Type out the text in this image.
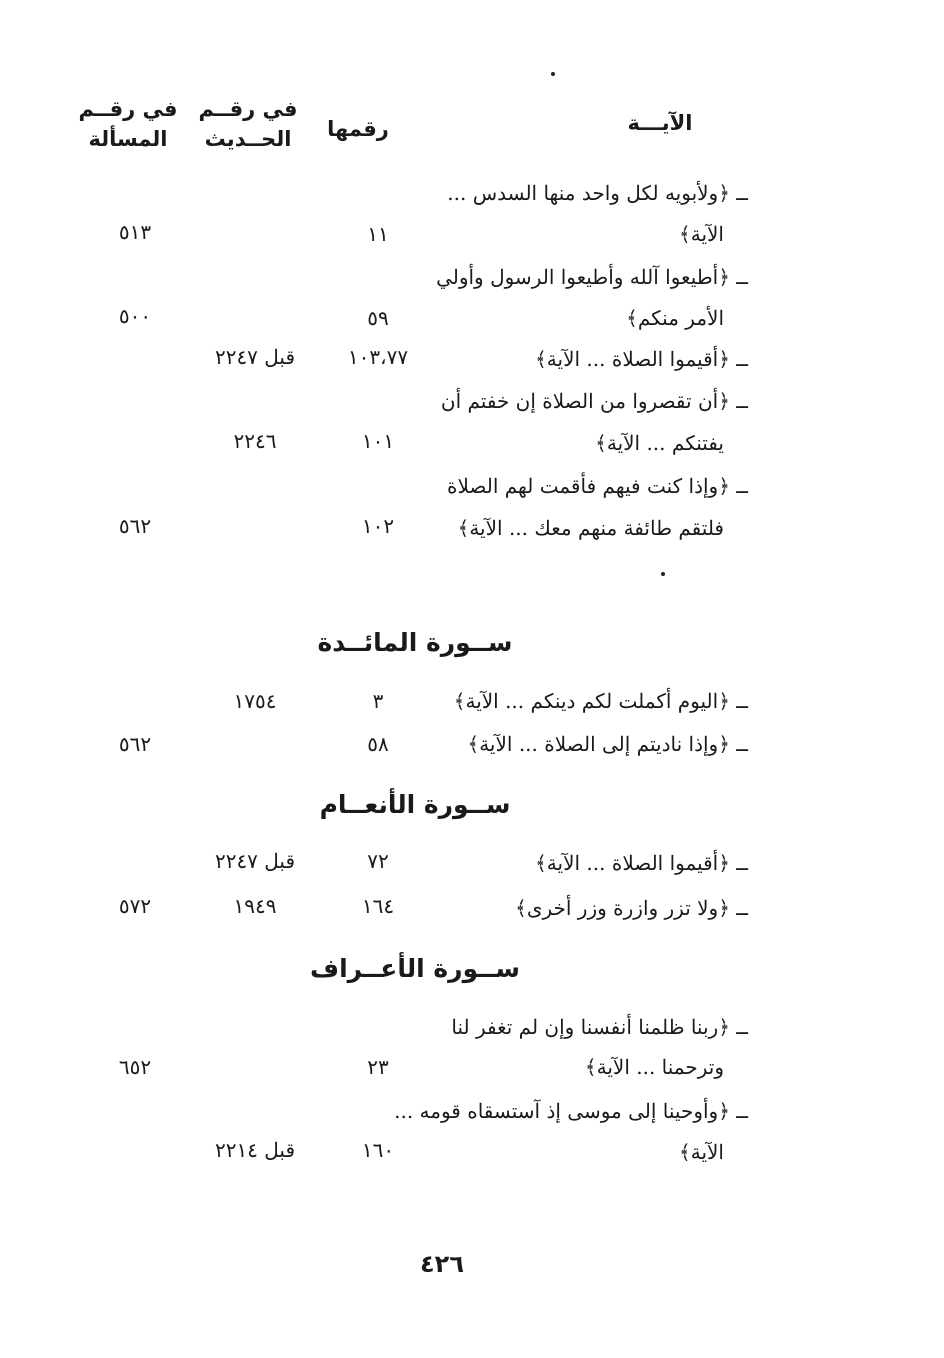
الآيـــة
رقمها
في رقــم
الحــديث
في رقــم
المسألة
ــ ﴿ولأبويه لكل واحد منها السدس ...
الآية﴾
١١
٥١٣
ــ ﴿أطيعوا آلله وأطيعوا الرسول وأولي
الأمر منكم﴾
٥٩
٥٠٠
ــ ﴿أقيموا الصلاة ... الآية﴾
١٠٣،٧٧
قبل ٢٢٤٧
ــ ﴿أن تقصروا من الصلاة إن خفتم أن
يفتنكم ... الآية﴾
١٠١
٢٢٤٦
ــ ﴿وإذا كنت فيهم فأقمت لهم الصلاة
فلتقم طائفة منهم معك ... الآية﴾
١٠٢
٥٦٢
ســورة المائــدة
ــ ﴿اليوم أكملت لكم دينكم ... الآية﴾
٣
١٧٥٤
ــ ﴿وإذا ناديتم إلى الصلاة ... الآية﴾
٥٨
٥٦٢
ســورة الأنعــام
ــ ﴿أقيموا الصلاة ... الآية﴾
٧٢
قبل ٢٢٤٧
ــ ﴿ولا تزر وازرة وزر أخرى﴾
١٦٤
١٩٤٩
٥٧٢
ســورة الأعــراف
ــ ﴿ربنا ظلمنا أنفسنا وإن لم تغفر لنا
وترحمنا ... الآية﴾
٢٣
٦٥٢
ــ ﴿وأوحينا إلى موسى إذ آستسقاه قومه ...
الآية﴾
١٦٠
قبل ٢٢١٤
٤٢٦
